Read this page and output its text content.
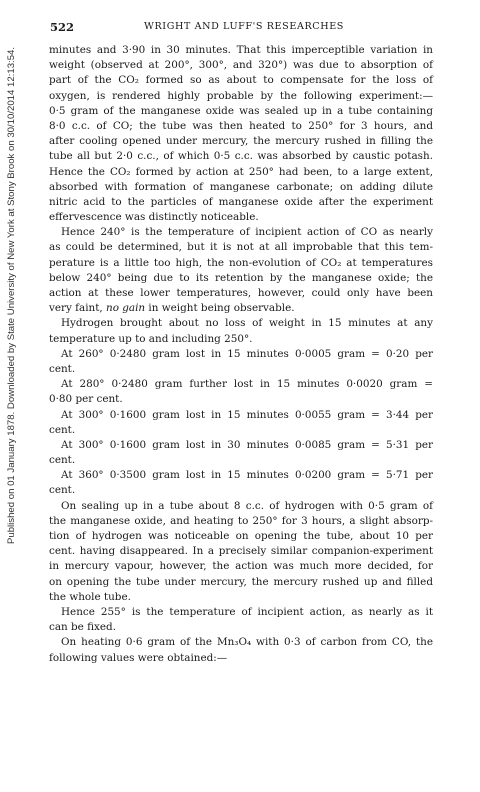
Published on 01 January 1878. Downloaded by State University of New York at Stony Brook on 30/10/2014 12:13:54.
522	WRIGHT AND LUFF'S RESEARCHES
minutes and 3·90 in 30 minutes. That this imperceptible variation in
weight (observed at 200°, 300°, and 320°) was due to absorption of
part of the CO₂ formed so as about to compensate for the loss of
oxygen, is rendered highly probable by the following experiment:—
0·5 gram of the manganese oxide was sealed up in a tube containing
8·0 c.c. of CO; the tube was then heated to 250° for 3 hours, and
after cooling opened under mercury, the mercury rushed in filling the
tube all but 2·0 c.c., of which 0·5 c.c. was absorbed by caustic potash.
Hence the CO₂ formed by action at 250° had been, to a large extent,
absorbed with formation of manganese carbonate; on adding dilute
nitric acid to the particles of manganese oxide after the experiment
effervescence was distinctly noticeable.
Hence 240° is the temperature of incipient action of CO as nearly
as could be determined, but it is not at all improbable that this tem-
perature is a little too high, the non-evolution of CO₂ at temperatures
below 240° being due to its retention by the manganese oxide; the
action at these lower temperatures, however, could only have been
very faint, no gain in weight being observable.
Hydrogen brought about no loss of weight in 15 minutes at any
temperature up to and including 250°.
At 260° 0·2480 gram lost in 15 minutes 0·0005 gram = 0·20 per
cent.
At 280° 0·2480 gram further lost in 15 minutes 0·0020 gram =
0·80 per cent.
At 300° 0·1600 gram lost in 15 minutes 0·0055 gram = 3·44 per
cent.
At 300° 0·1600 gram lost in 30 minutes 0·0085 gram = 5·31 per
cent.
At 360° 0·3500 gram lost in 15 minutes 0·0200 gram = 5·71 per
cent.
On sealing up in a tube about 8 c.c. of hydrogen with 0·5 gram of
the manganese oxide, and heating to 250° for 3 hours, a slight absorp-
tion of hydrogen was noticeable on opening the tube, about 10 per
cent. having disappeared. In a precisely similar companion-experiment
in mercury vapour, however, the action was much more decided, for
on opening the tube under mercury, the mercury rushed up and filled
the whole tube.
Hence 255° is the temperature of incipient action, as nearly as it
can be fixed.
On heating 0·6 gram of the Mn₃O₄ with 0·3 of carbon from CO, the
following values were obtained:—
